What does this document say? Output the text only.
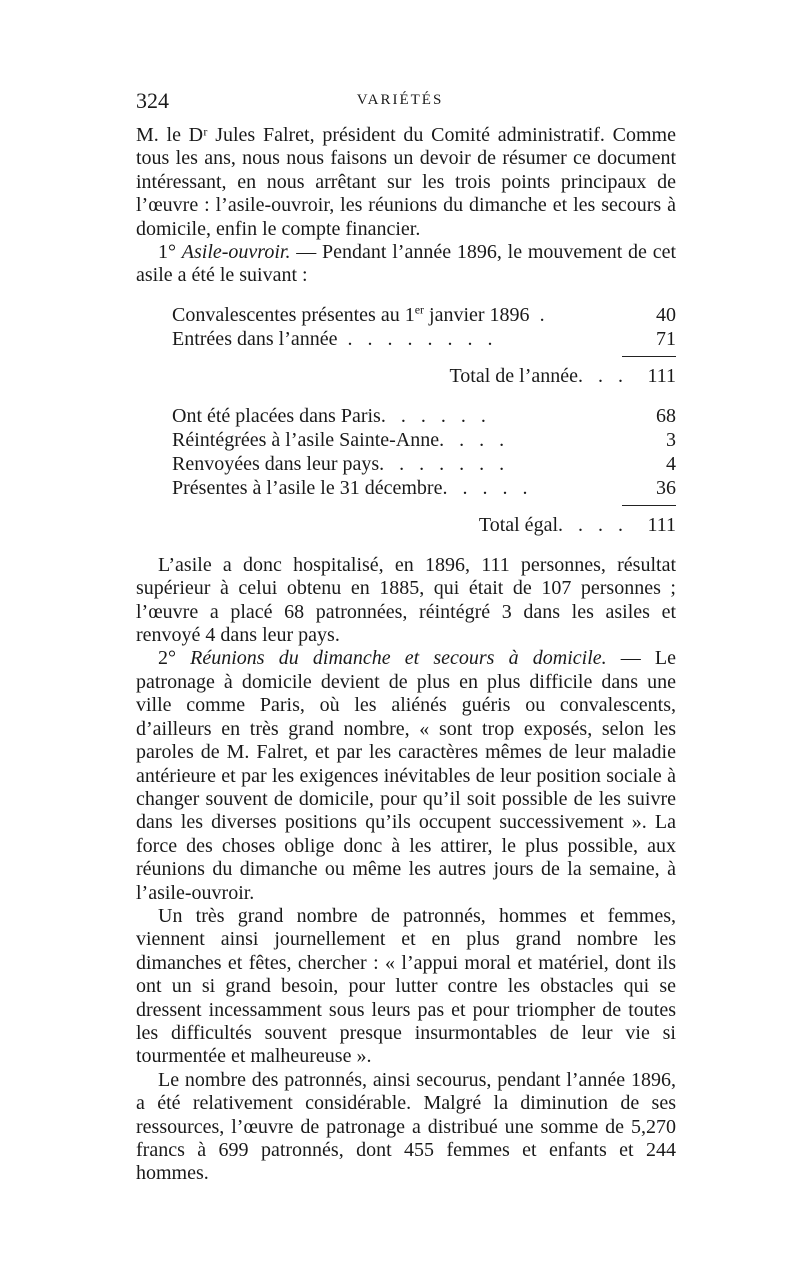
324	VARIÉTÉS

M. le Dʳ Jules Falret, président du Comité administratif. Comme tous les ans, nous nous faisons un devoir de résumer ce document intéressant, en nous arrêtant sur les trois points principaux de l’œuvre : l’asile-ouvroir, les réunions du dimanche et les secours à domicile, enfin le compte financier.

1° Asile-ouvroir. — Pendant l’année 1896, le mouvement de cet asile a été le suivant :

Convalescentes présentes au 1er janvier 1896 .	40
Entrées dans l’année . . . . . . . .	71
Total de l’année. . . 111
Ont été placées dans Paris. . . . . .	68
Réintégrées à l’asile Sainte-Anne. . . .	3
Renvoyées dans leur pays. . . . . . .	4
Présentes à l’asile le 31 décembre. . . . .	36
Total égal. . . . 111

L’asile a donc hospitalisé, en 1896, 111 personnes, résultat supérieur à celui obtenu en 1885, qui était de 107 personnes ; l’œuvre a placé 68 patronnées, réintégré 3 dans les asiles et renvoyé 4 dans leur pays.

2° Réunions du dimanche et secours à domicile. — Le patronage à domicile devient de plus en plus difficile dans une ville comme Paris, où les aliénés guéris ou convalescents, d’ailleurs en très grand nombre, « sont trop exposés, selon les paroles de M. Falret, et par les caractères mêmes de leur maladie antérieure et par les exigences inévitables de leur position sociale à changer souvent de domicile, pour qu’il soit possible de les suivre dans les diverses positions qu’ils occupent successivement ». La force des choses oblige donc à les attirer, le plus possible, aux réunions du dimanche ou même les autres jours de la semaine, à l’asile-ouvroir.

Un très grand nombre de patronnés, hommes et femmes, viennent ainsi journellement et en plus grand nombre les dimanches et fêtes, chercher : « l’appui moral et matériel, dont ils ont un si grand besoin, pour lutter contre les obstacles qui se dressent incessamment sous leurs pas et pour triompher de toutes les difficultés souvent presque insurmontables de leur vie si tourmentée et malheureuse ».

Le nombre des patronnés, ainsi secourus, pendant l’année 1896, a été relativement considérable. Malgré la diminution de ses ressources, l’œuvre de patronage a distribué une somme de 5,270 francs à 699 patronnés, dont 455 femmes et enfants et 244 hommes.
